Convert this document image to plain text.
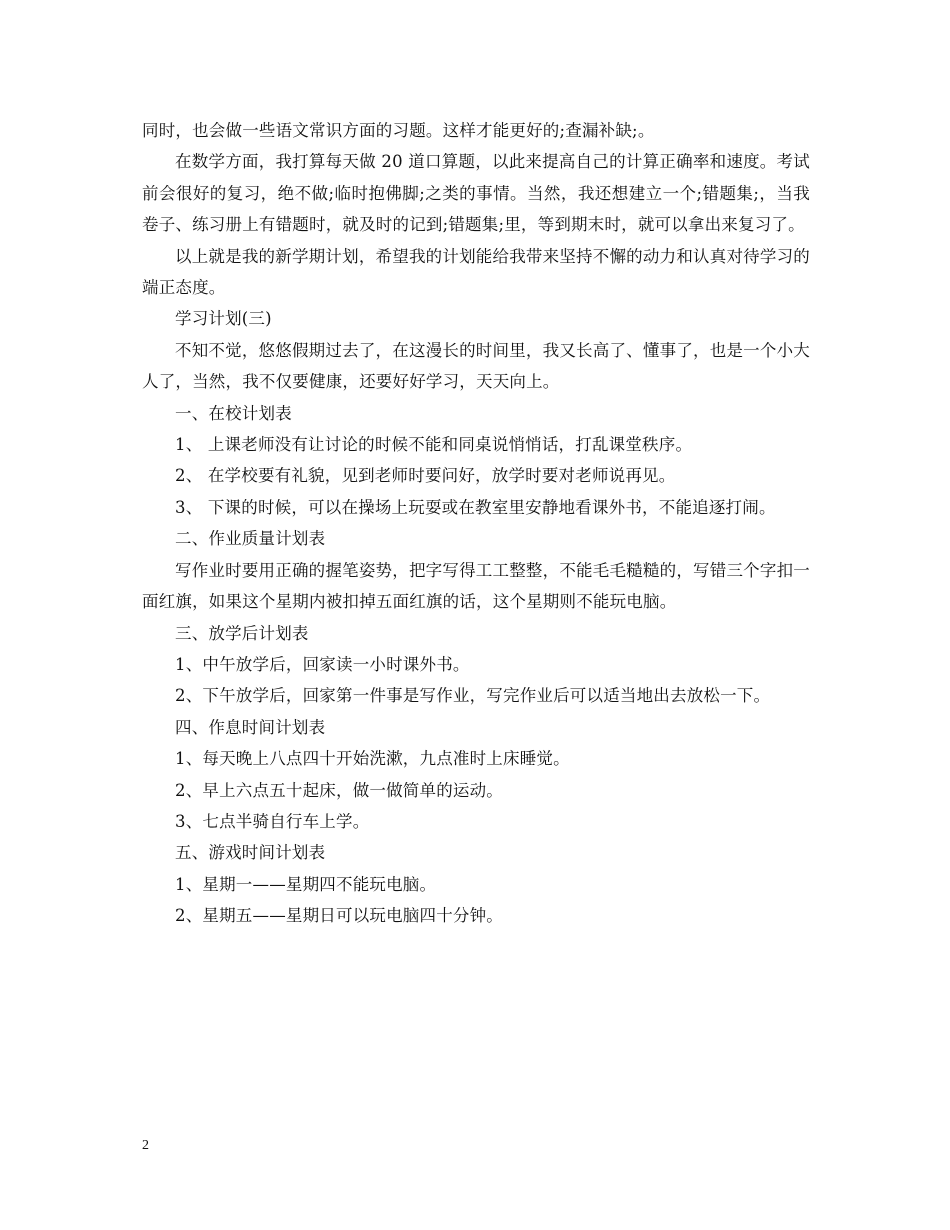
同时，也会做一些语文常识方面的习题。这样才能更好的;查漏补缺;。

在数学方面，我打算每天做 20 道口算题，以此来提高自己的计算正确率和速度。考试前会很好的复习，绝不做;临时抱佛脚;之类的事情。当然，我还想建立一个;错题集;，当我卷子、练习册上有错题时，就及时的记到;错题集;里，等到期末时，就可以拿出来复习了。

以上就是我的新学期计划，希望我的计划能给我带来坚持不懈的动力和认真对待学习的端正态度。

学习计划(三)

不知不觉，悠悠假期过去了，在这漫长的时间里，我又长高了、懂事了，也是一个小大人了，当然，我不仅要健康，还要好好学习，天天向上。

一、在校计划表

1、 上课老师没有让讨论的时候不能和同桌说悄悄话，打乱课堂秩序。

2、 在学校要有礼貌，见到老师时要问好，放学时要对老师说再见。

3、 下课的时候，可以在操场上玩耍或在教室里安静地看课外书，不能追逐打闹。

二、作业质量计划表

写作业时要用正确的握笔姿势，把字写得工工整整，不能毛毛糙糙的，写错三个字扣一面红旗，如果这个星期内被扣掉五面红旗的话，这个星期则不能玩电脑。

三、放学后计划表

1、中午放学后，回家读一小时课外书。

2、下午放学后，回家第一件事是写作业，写完作业后可以适当地出去放松一下。

四、作息时间计划表

1、每天晚上八点四十开始洗漱，九点准时上床睡觉。

2、早上六点五十起床，做一做简单的运动。

3、七点半骑自行车上学。

五、游戏时间计划表

1、星期一——星期四不能玩电脑。

2、星期五——星期日可以玩电脑四十分钟。

2
